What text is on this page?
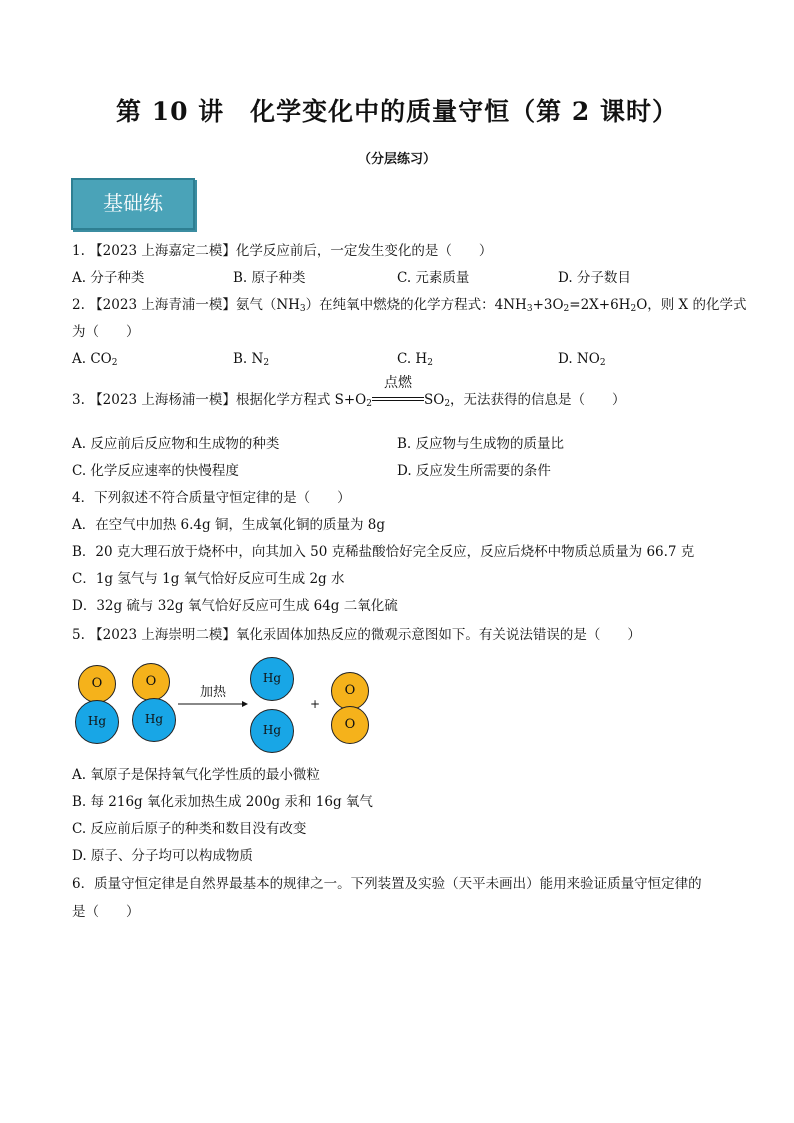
第 10 讲　化学变化中的质量守恒（第 2 课时）
（分层练习）
基础练
1. 【2023 上海嘉定二模】化学反应前后，一定发生变化的是（　　）
A. 分子种类	B. 原子种类	C. 元素质量	D. 分子数目
2. 【2023 上海青浦一模】氨气$(NH_3)$在纯氧中燃烧的化学方程式：$4NH_3+3O_2=2X+6H_2O$，则 X 的化学式
为（　　）
A. $CO_2$	B. $N_2$	C. $H_2$	D. $NO_2$
3. 【2023 上海杨浦一模】根据化学方程式 $S+O_2$
点燃
$SO_2$，无法获得的信息是（　　）
A. 反应前后反应物和生成物的种类	B. 反应物与生成物的质量比
C. 化学反应速率的快慢程度	D. 反应发生所需要的条件
4．下列叙述不符合质量守恒定律的是（　　）
A．在空气中加热 6.4g 铜，生成氧化铜的质量为 8g
B．20 克大理石放于烧杯中，向其加入 50 克稀盐酸恰好完全反应，反应后烧杯中物质总质量为 66.7 克
C．1g 氢气与 1g 氧气恰好反应可生成 2g 水
D．32g 硫与 32g 氧气恰好反应可生成 64g 二氧化硫
5. 【2023 上海崇明二模】氧化汞固体加热反应的微观示意图如下。有关说法错误的是（　　）
O
Hg
O
Hg
加热
Hg
Hg
+
O
O
A. 氧原子是保持氧气化学性质的最小微粒
B. 每 216g 氧化汞加热生成 200g 汞和 16g 氧气
C. 反应前后原子的种类和数目没有改变
D. 原子、分子均可以构成物质
6．质量守恒定律是自然界最基本的规律之一。下列装置及实验（天平未画出）能用来验证质量守恒定律的
是（　　）
